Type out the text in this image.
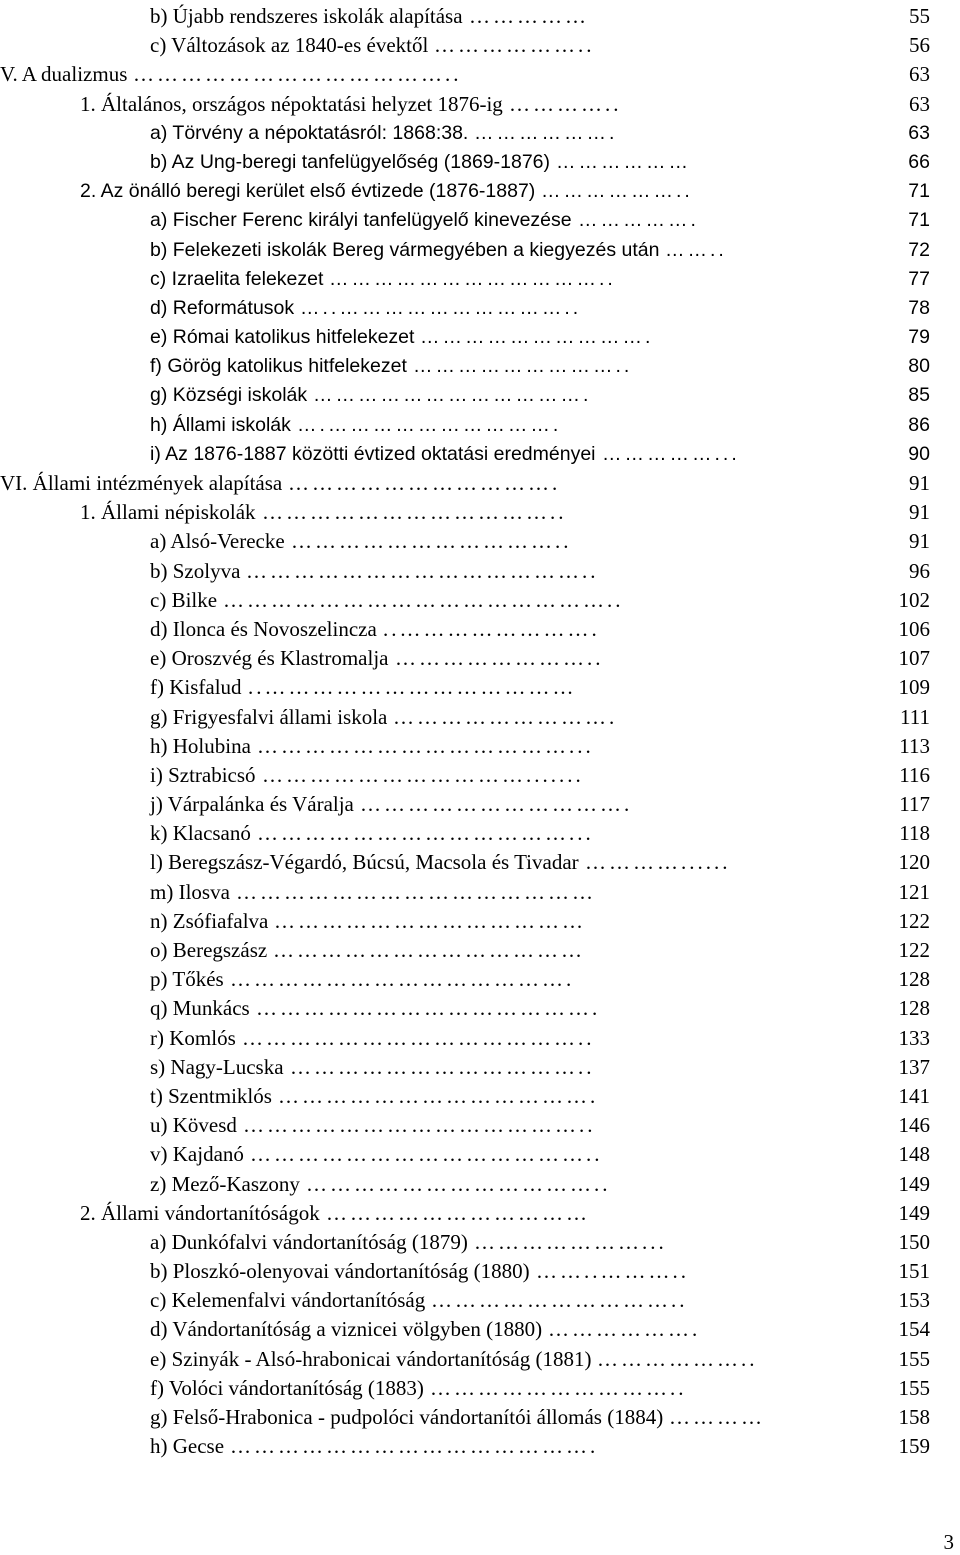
b) Újabb rendszeres iskolák alapítása ……………	55
c) Változások az 1840-es évektől ………………..	56
V. A dualizmus …………………………………..	63
1. Általános, országos népoktatási helyzet 1876-ig …………..	63
a) Törvény a népoktatásról: 1868:38. ……………….	63
b) Az Ung-beregi tanfelügyelőség (1869-1876) ………………	66
2. Az önálló beregi kerület első évtizede (1876-1887) ………………..	71
a) Fischer Ferenc királyi tanfelügyelő kinevezése …………….	71
b) Felekezeti iskolák Bereg vármegyében a kiegyezés után ……..	72
c) Izraelita felekezet ………………………………..	77
d) Reformátusok …..…………………………..	78
e) Római katolikus hitfelekezet ………………………….	79
f) Görög katolikus hitfelekezet ………………………..	80
g) Községi iskolák ……………………………….	85
h) Állami iskolák ….………………………….	86
i) Az 1876-1887 közötti évtized oktatási eredményei ……………...	90
VI. Állami intézmények alapítása …………………………….	91
1. Állami népiskolák ………………………………..	91
a) Alsó-Verecke ……………………………..	91
b) Szolyva ……………………………………..	96
c) Bilke …………………………………………..	102
d) Ilonca és Novoszelincza ..…………………….	106
e) Oroszvég és Klastromalja ……………………..	107
f) Kisfalud ..…………………………………	109
g) Frigyesfalvi állami iskola ……………………….	111
h) Holubina …………………………………...	113
i) Sztrabicsó …………………………….......	116
j) Várpalánka és Váralja …………………………….	117
k) Klacsanó …………………………………...	118
l) Beregszász-Végardó, Búcsú, Macsola és Tivadar …………......	120
m) Ilosva ………………………………………	121
n) Zsófiafalva …………………………………	122
o) Beregszász …………………………………	122
p) Tőkés …………………………………….	128
q) Munkács …………………………………….	128
r) Komlós ……………………………………..	133
s) Nagy-Lucska ………………………………..	137
t) Szentmiklós ………………………………….	141
u) Kövesd ……………………………………..	146
v) Kajdanó ……………………………………..	148
z) Mező-Kaszony ………………………………..	149
2. Állami vándortanítóságok ……………………………	149
a) Dunkófalvi vándortanítóság (1879) …………………...	150
b) Ploszkó-olenyovai vándortanítóság (1880) ……..………..	151
c) Kelemenfalvi vándortanítóság …………………………..	153
d) Vándortanítóság a viznicei völgyben (1880) ……………….	154
e) Szinyák - Alsó-hrabonicai vándortanítóság (1881) ………………..	155
f) Volóci vándortanítóság (1883) …………………………..	155
g) Felső-Hrabonica - pudpolóci vándortanítói állomás (1884) …………	158
h) Gecse ……………………………………….	159
3
